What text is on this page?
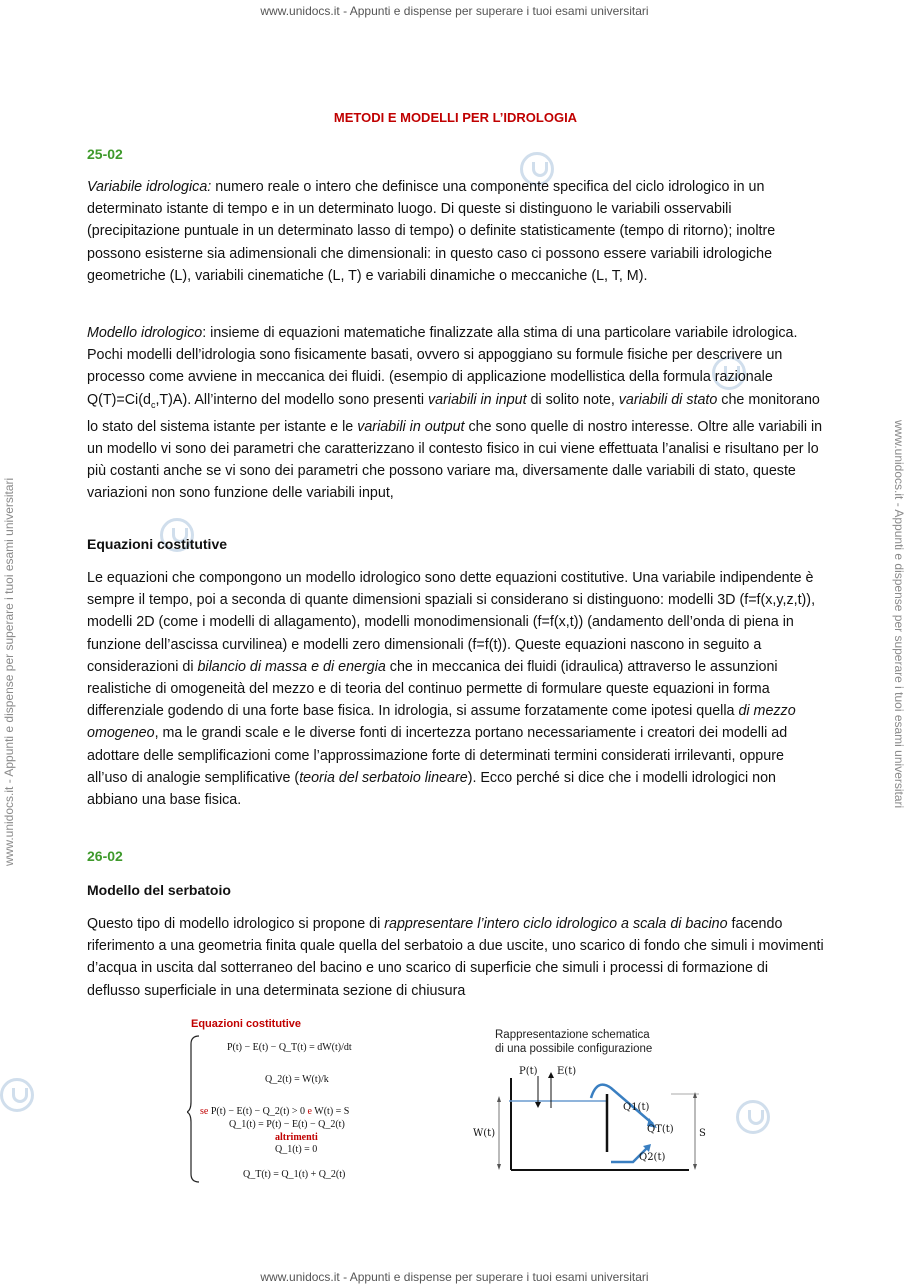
www.unidocs.it - Appunti e dispense per superare i tuoi esami universitari
www.unidocs.it - Appunti e dispense per superare i tuoi esami universitari
www.unidocs.it - Appunti e dispense per superare i tuoi esami universitari	www.unidocs.it - Appunti e dispense per superare i tuoi esami universitari
METODI E MODELLI PER L’IDROLOGIA
25-02
Variabile idrologica: numero reale o intero che definisce una componente specifica del ciclo idrologico in un determinato istante di tempo e in un determinato luogo. Di queste si distinguono le variabili osservabili (precipitazione puntuale in un determinato lasso di tempo) o definite statisticamente (tempo di ritorno); inoltre possono esisterne sia adimensionali che dimensionali: in questo caso ci possono essere variabili idrologiche geometriche (L), variabili cinematiche (L, T) e variabili dinamiche o meccaniche (L, T, M).
Modello idrologico: insieme di equazioni matematiche finalizzate alla stima di una particolare variabile idrologica. Pochi modelli dell’idrologia sono fisicamente basati, ovvero si appoggiano su formule fisiche per descrivere un processo come avviene in meccanica dei fluidi. (esempio di applicazione modellistica della formula razionale $Q(T)=Ci(d_c,T)A$). All’interno del modello sono presenti variabili in input di solito note, variabili di stato che monitorano lo stato del sistema istante per istante e le variabili in output che sono quelle di nostro interesse. Oltre alle variabili in un modello vi sono dei parametri che caratterizzano il contesto fisico in cui viene effettuata l’analisi e risultano per lo più costanti anche se vi sono dei parametri che possono variare ma, diversamente dalle variabili di stato, queste variazioni non sono funzione delle variabili input,
Equazioni costitutive
Le equazioni che compongono un modello idrologico sono dette equazioni costitutive. Una variabile indipendente è sempre il tempo, poi a seconda di quante dimensioni spaziali si considerano si distinguono: modelli 3D (f=f(x,y,z,t)), modelli 2D (come i modelli di allagamento), modelli monodimensionali (f=f(x,t)) (andamento dell’onda di piena in funzione dell’ascissa curvilinea) e modelli zero dimensionali (f=f(t)). Queste equazioni nascono in seguito a considerazioni di bilancio di massa e di energia che in meccanica dei fluidi (idraulica) attraverso le assunzioni realistiche di omogeneità del mezzo e di teoria del continuo permette di formulare queste equazioni in forma differenziale godendo di una forte base fisica. In idrologia, si assume forzatamente come ipotesi quella di mezzo omogeneo, ma le grandi scale e le diverse fonti di incertezza portano necessariamente i creatori dei modelli ad adottare delle semplificazioni come l’approssimazione forte di determinati termini considerati irrilevanti, oppure all’uso di analogie semplificative (teoria del serbatoio lineare). Ecco perché si dice che i modelli idrologici non abbiano una base fisica.
26-02
Modello del serbatoio
Questo tipo di modello idrologico si propone di rappresentare l’intero ciclo idrologico a scala di bacino facendo riferimento a una geometria finita quale quella del serbatoio a due uscite, uno scarico di fondo che simuli i movimenti d’acqua in uscita dal sotterraneo del bacino e uno scarico di superficie che simuli i processi di formazione di deflusso superficiale in una determinata sezione di chiusura
Equazioni costitutive
P(t) − E(t) − Q_T(t) = dW(t)/dt
Q_2(t) = W(t)/k
se P(t) − E(t) − Q_2(t) > 0 e W(t) = S
Q_1(t) = P(t) − E(t) − Q_2(t)
altrimenti
Q_1(t) = 0
Q_T(t) = Q_1(t) + Q_2(t)
Rappresentazione schematica
di una possibile configurazione
P(t) E(t)
W(t)
Q1(t)
QT(t)
Q2(t)
S
